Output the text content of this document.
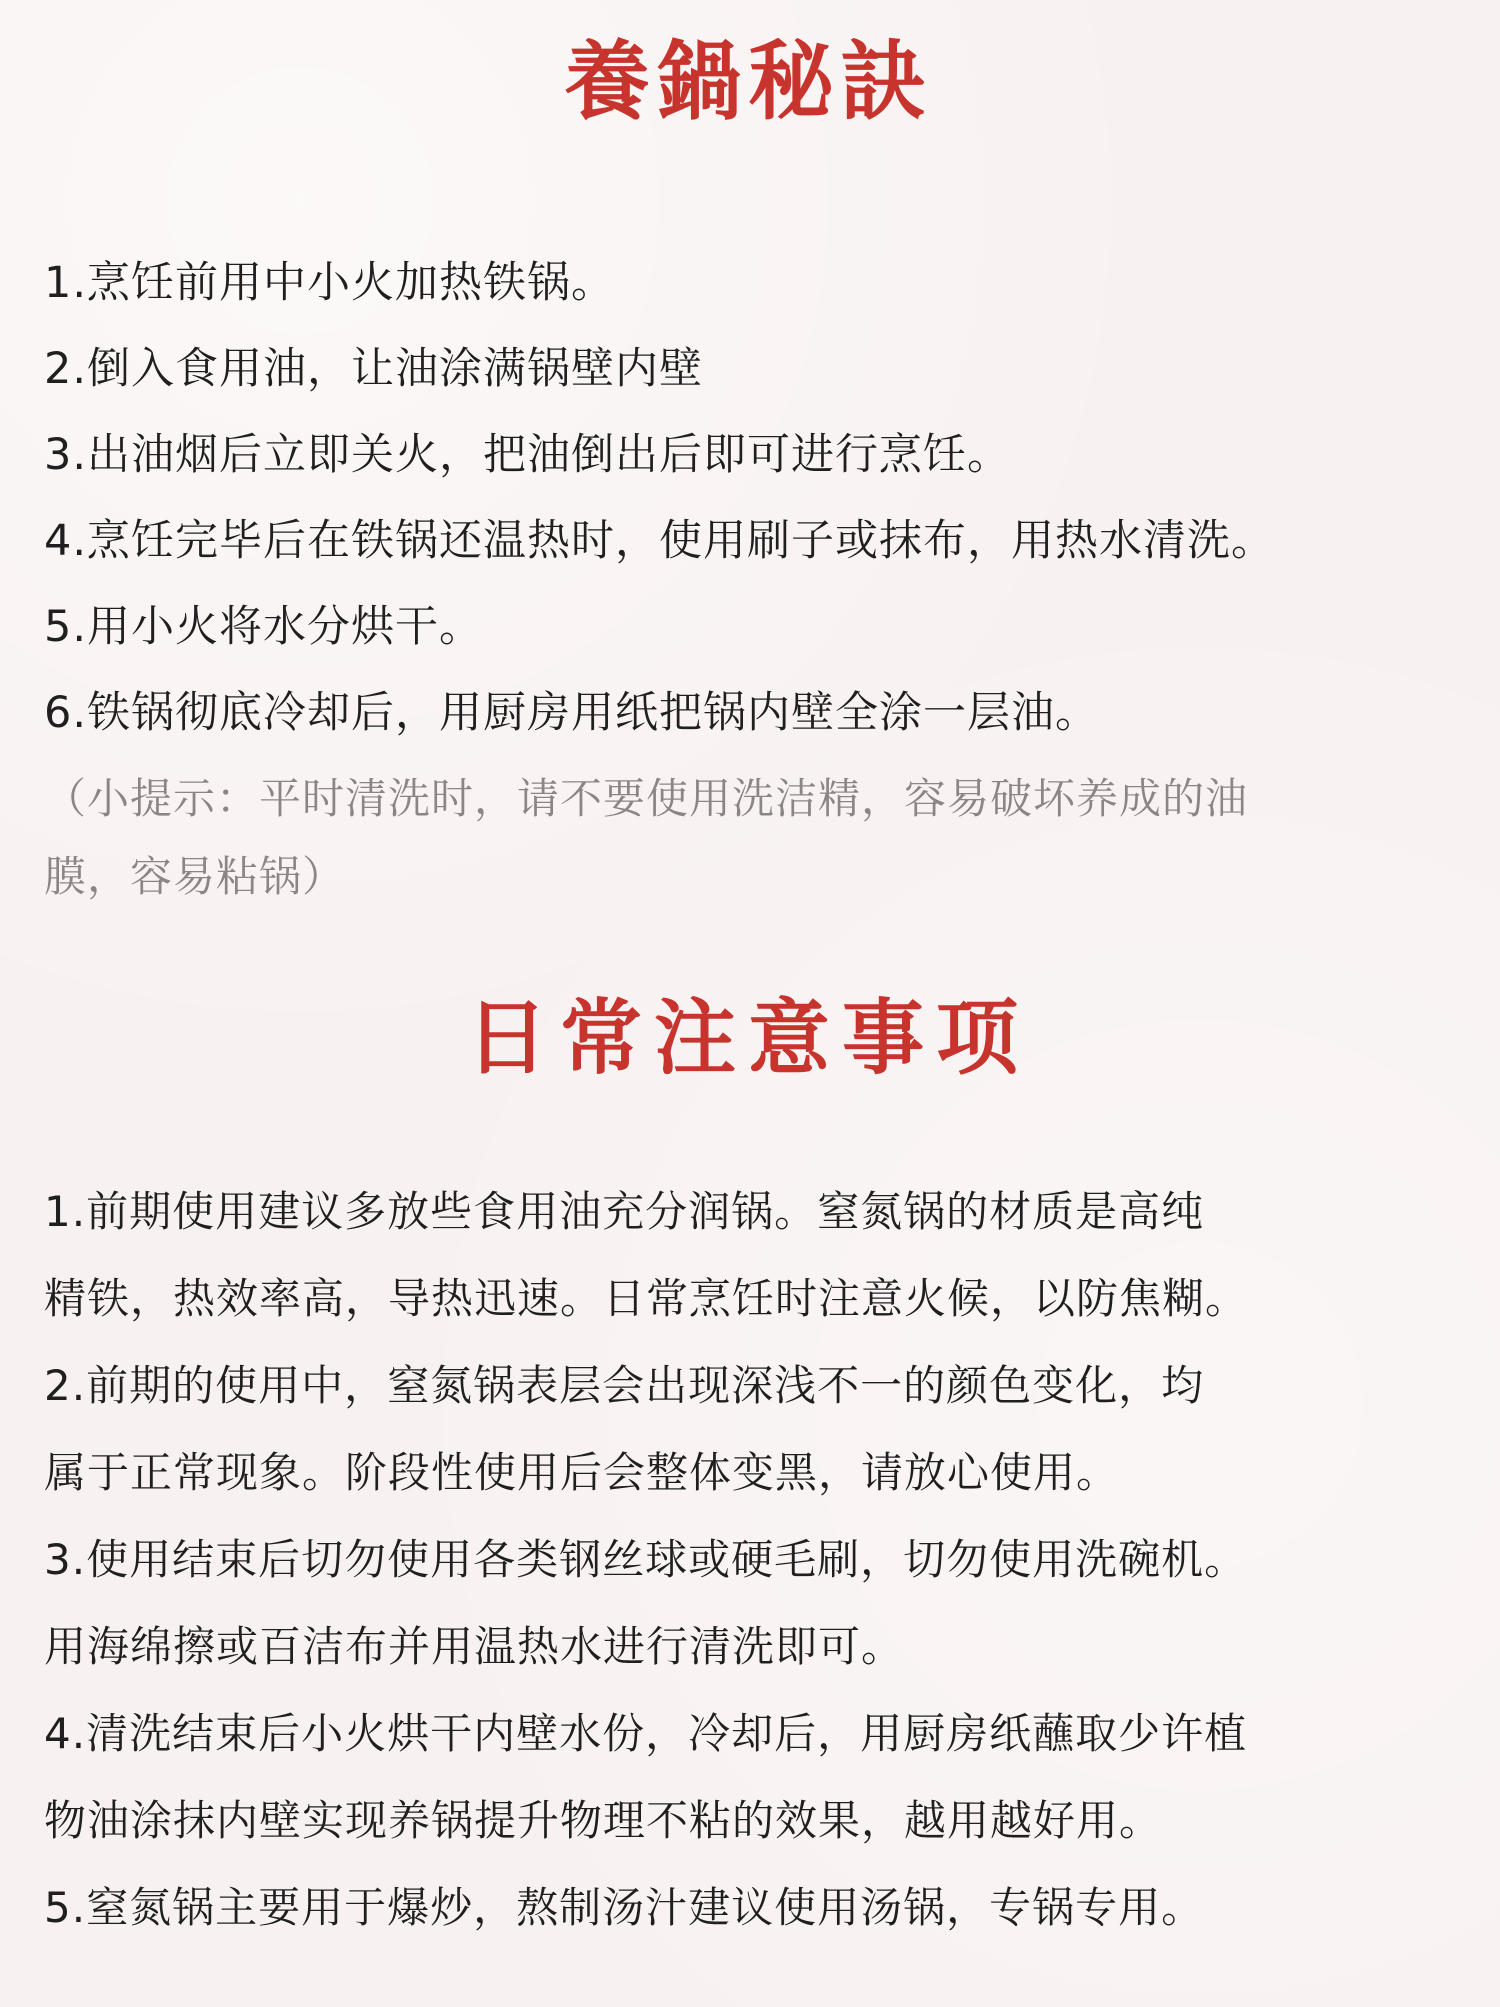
養鍋秘訣
1.烹饪前用中小火加热铁锅。
2.倒入食用油，让油涂满锅壁内壁
3.出油烟后立即关火，把油倒出后即可进行烹饪。
4.烹饪完毕后在铁锅还温热时，使用刷子或抹布，用热水清洗。
5.用小火将水分烘干。
6.铁锅彻底冷却后，用厨房用纸把锅内壁全涂一层油。
（小提示：平时清洗时，请不要使用洗洁精，容易破坏养成的油
膜，容易粘锅）
日常注意事项
1.前期使用建议多放些食用油充分润锅。窒氮锅的材质是高纯
精铁，热效率高，导热迅速。日常烹饪时注意火候，以防焦糊。
2.前期的使用中，窒氮锅表层会出现深浅不一的颜色变化，均
属于正常现象。阶段性使用后会整体变黑，请放心使用。
3.使用结束后切勿使用各类钢丝球或硬毛刷，切勿使用洗碗机。
用海绵擦或百洁布并用温热水进行清洗即可。
4.清洗结束后小火烘干内壁水份，冷却后，用厨房纸蘸取少许植
物油涂抹内壁实现养锅提升物理不粘的效果，越用越好用。
5.窒氮锅主要用于爆炒，熬制汤汁建议使用汤锅，专锅专用。
